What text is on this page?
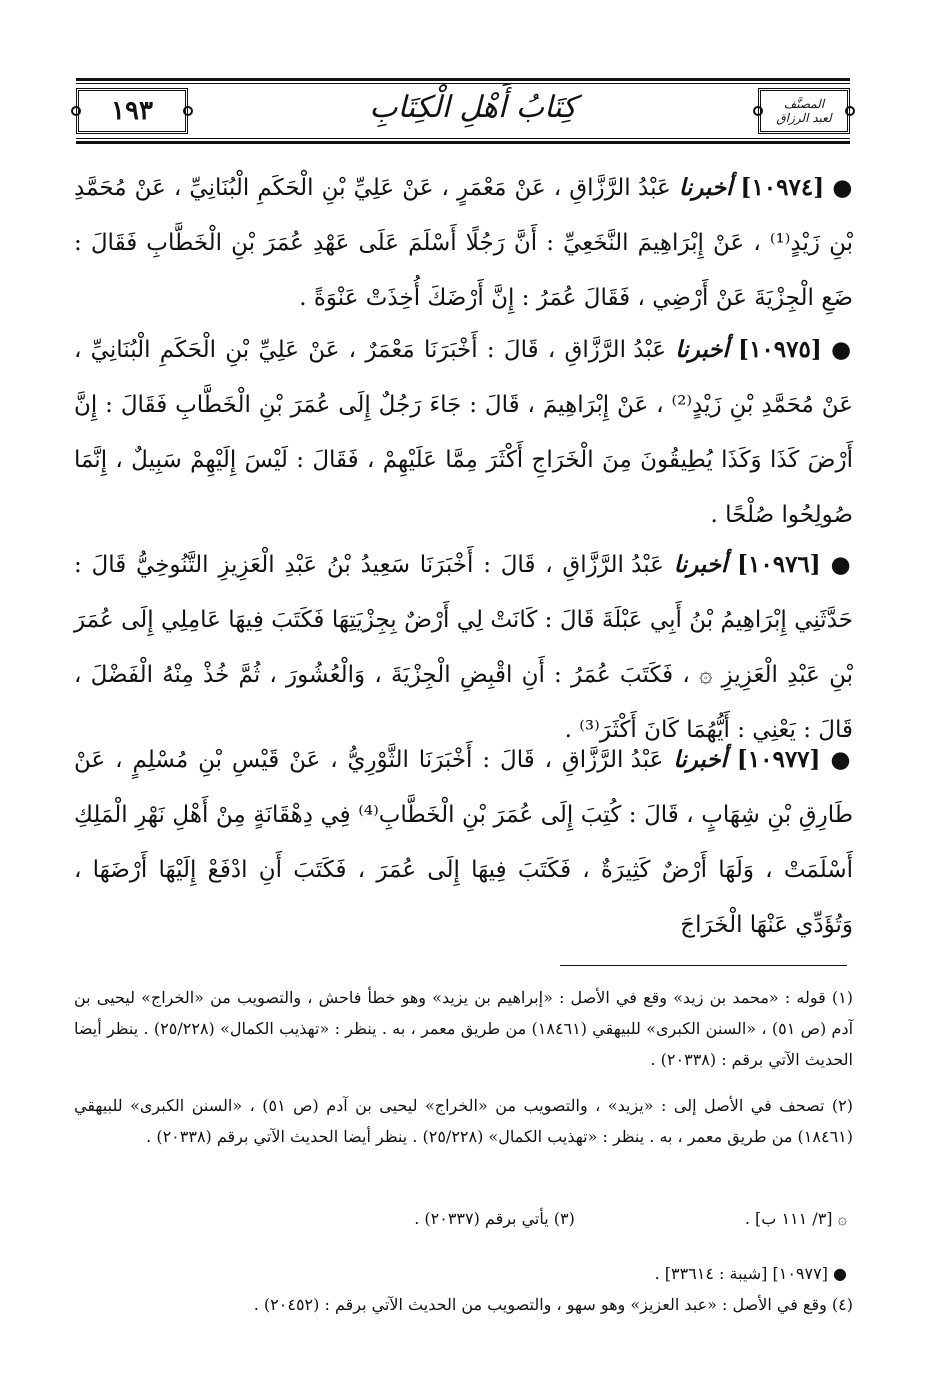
١٩٣	كِتَابُ أَهْلِ الْكِتَابِ	المصنَّف
لعبد الرزاق
● [١٠٩٧٤] أخبرنا عَبْدُ الرَّزَّاقِ ، عَنْ مَعْمَرٍ ، عَنْ عَلِيِّ بْنِ الْحَكَمِ الْبُنَانِيِّ ، عَنْ مُحَمَّدِ بْنِ زَيْدٍ⁽¹⁾ ، عَنْ إِبْرَاهِيمَ النَّخَعِيِّ : أَنَّ رَجُلًا أَسْلَمَ عَلَى عَهْدِ عُمَرَ بْنِ الْخَطَّابِ فَقَالَ : ضَعِ الْجِزْيَةَ عَنْ أَرْضِي ، فَقَالَ عُمَرُ : إِنَّ أَرْضَكَ أُخِذَتْ عَنْوَةً .
● [١٠٩٧٥] أخبرنا عَبْدُ الرَّزَّاقِ ، قَالَ : أَخْبَرَنَا مَعْمَرٌ ، عَنْ عَلِيِّ بْنِ الْحَكَمِ الْبُنَانِيِّ ، عَنْ مُحَمَّدِ بْنِ زَيْدٍ⁽²⁾ ، عَنْ إِبْرَاهِيمَ ، قَالَ : جَاءَ رَجُلٌ إِلَى عُمَرَ بْنِ الْخَطَّابِ فَقَالَ : إِنَّ أَرْضَ كَذَا وَكَذَا يُطِيقُونَ مِنَ الْخَرَاجِ أَكْثَرَ مِمَّا عَلَيْهِمْ ، فَقَالَ : لَيْسَ إِلَيْهِمْ سَبِيلٌ ، إِنَّمَا صُولِحُوا صُلْحًا .
● [١٠٩٧٦] أخبرنا عَبْدُ الرَّزَّاقِ ، قَالَ : أَخْبَرَنَا سَعِيدُ بْنُ عَبْدِ الْعَزِيزِ التَّنُوخِيُّ قَالَ : حَدَّثَنِي إِبْرَاهِيمُ بْنُ أَبِي عَبْلَةَ قَالَ : كَانَتْ لِي أَرْضٌ بِجِزْيَتِهَا فَكَتَبَ فِيهَا عَامِلِي إِلَى عُمَرَ بْنِ عَبْدِ الْعَزِيزِ ۞ ، فَكَتَبَ عُمَرُ : أَنِ اقْبِضِ الْجِزْيَةَ ، وَالْعُشُورَ ، ثُمَّ خُذْ مِنْهُ الْفَضْلَ ، قَالَ : يَعْنِي : أَيُّهُمَا كَانَ أَكْثَرَ⁽³⁾ .
● [١٠٩٧٧] أخبرنا عَبْدُ الرَّزَّاقِ ، قَالَ : أَخْبَرَنَا الثَّوْرِيُّ ، عَنْ قَيْسِ بْنِ مُسْلِمٍ ، عَنْ طَارِقِ بْنِ شِهَابٍ ، قَالَ : كُتِبَ إِلَى عُمَرَ بْنِ الْخَطَّابِ⁽⁴⁾ فِي دِهْقَانَةٍ مِنْ أَهْلِ نَهْرِ الْمَلِكِ أَسْلَمَتْ ، وَلَهَا أَرْضٌ كَثِيرَةٌ ، فَكَتَبَ فِيهَا إِلَى عُمَرَ ، فَكَتَبَ أَنِ ادْفَعْ إِلَيْهَا أَرْضَهَا ، وَتُؤَدِّي عَنْهَا الْخَرَاجَ
(١) قوله : «محمد بن زيد» وقع في الأصل : «إبراهيم بن يزيد» وهو خطأ فاحش ، والتصويب من «الخراج» ليحيى بن آدم (ص ٥١) ، «السنن الكبرى» للبيهقي (١٨٤٦١) من طريق معمر ، به . ينظر : «تهذيب الكمال» (٢٥/٢٢٨) . ينظر أيضا الحديث الآتي برقم : (٢٠٣٣٨) .
(٢) تصحف في الأصل إلى : «يزيد» ، والتصويب من «الخراج» ليحيى بن آدم (ص ٥١) ، «السنن الكبرى» للبيهقي (١٨٤٦١) من طريق معمر ، به . ينظر : «تهذيب الكمال» (٢٥/٢٢٨) . ينظر أيضا الحديث الآتي برقم (٢٠٣٣٨) .
۞ [٣/ ١١١ ب] .
(٣) يأتي برقم (٢٠٣٣٧) .
● [١٠٩٧٧] [شيبة : ٣٣٦١٤] .
(٤) وقع في الأصل : «عبد العزيز» وهو سهو ، والتصويب من الحديث الآتي برقم : (٢٠٤٥٢) .
